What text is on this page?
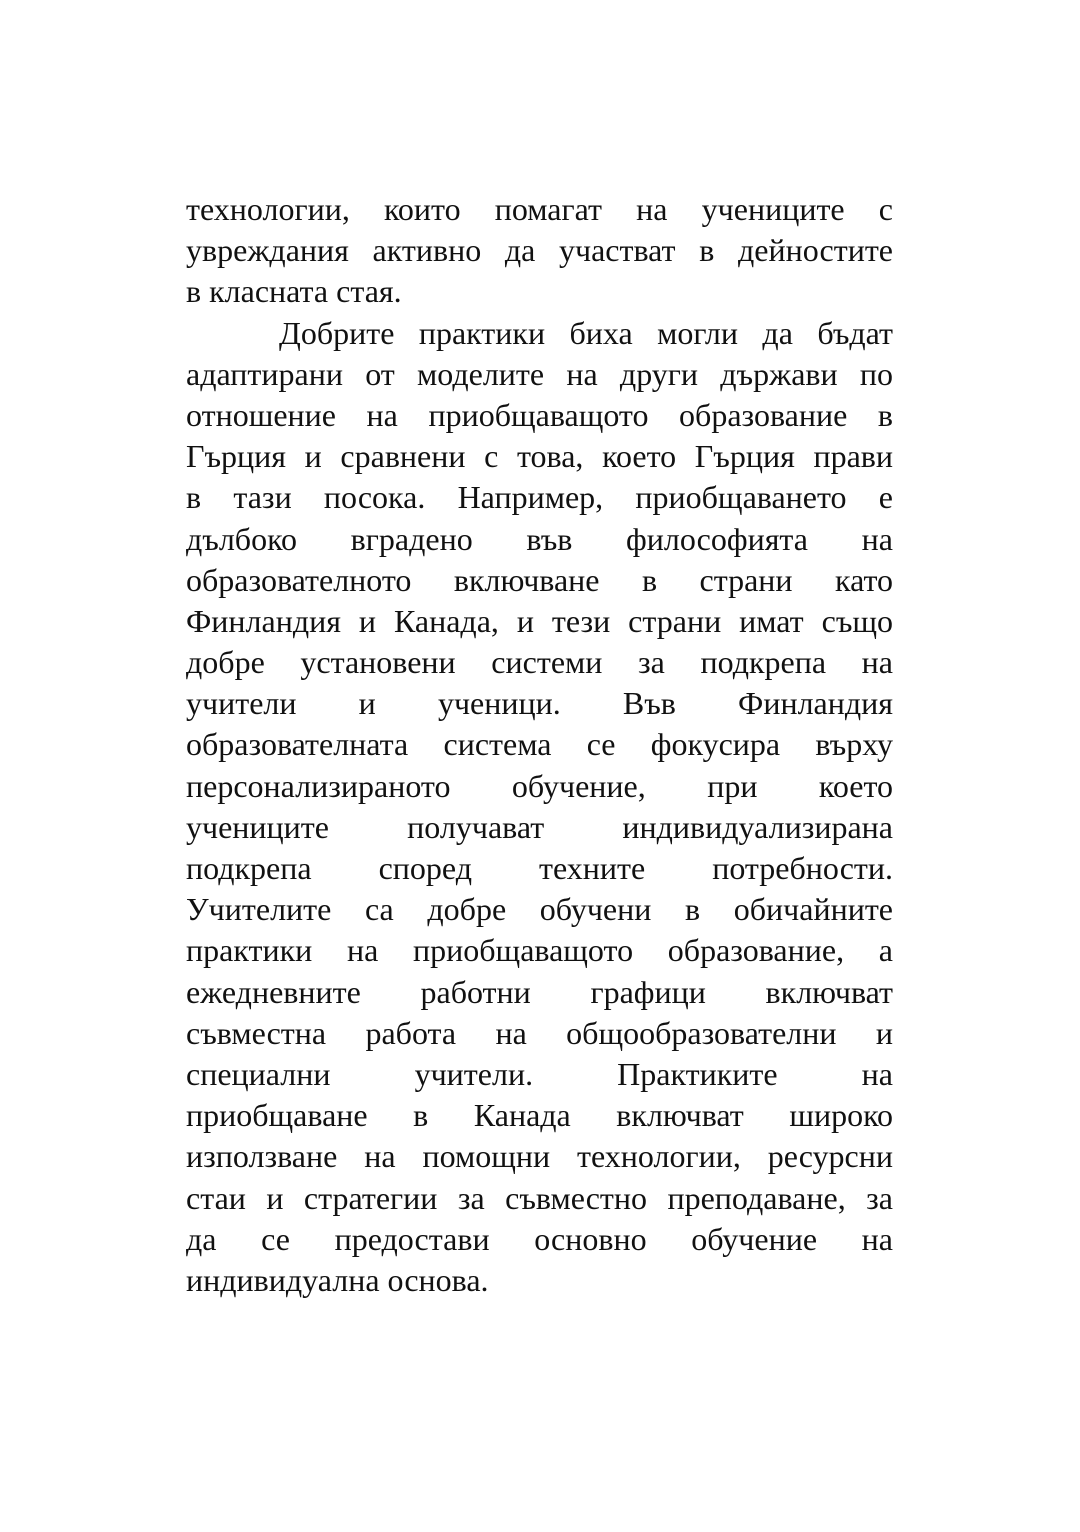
технологии, които помагат на учениците с
увреждания активно да участват в дейностите
в класната стая.
Добрите практики биха могли да бъдат
адаптирани от моделите на други държави по
отношение на приобщаващото образование в
Гърция и сравнени с това, което Гърция прави
в тази посока. Например, приобщаването е
дълбоко вградено във философията на
образователното включване в страни като
Финландия и Канада, и тези страни имат също
добре установени системи за подкрепа на
учители и ученици. Във Финландия
образователната система се фокусира върху
персонализираното обучение, при което
учениците получават индивидуализирана
подкрепа според техните потребности.
Учителите са добре обучени в обичайните
практики на приобщаващото образование, а
ежедневните работни графици включват
съвместна работа на общообразователни и
специални учители. Практиките на
приобщаване в Канада включват широко
използване на помощни технологии, ресурсни
стаи и стратегии за съвместно преподаване, за
да се предостави основно обучение на
индивидуална основа.
